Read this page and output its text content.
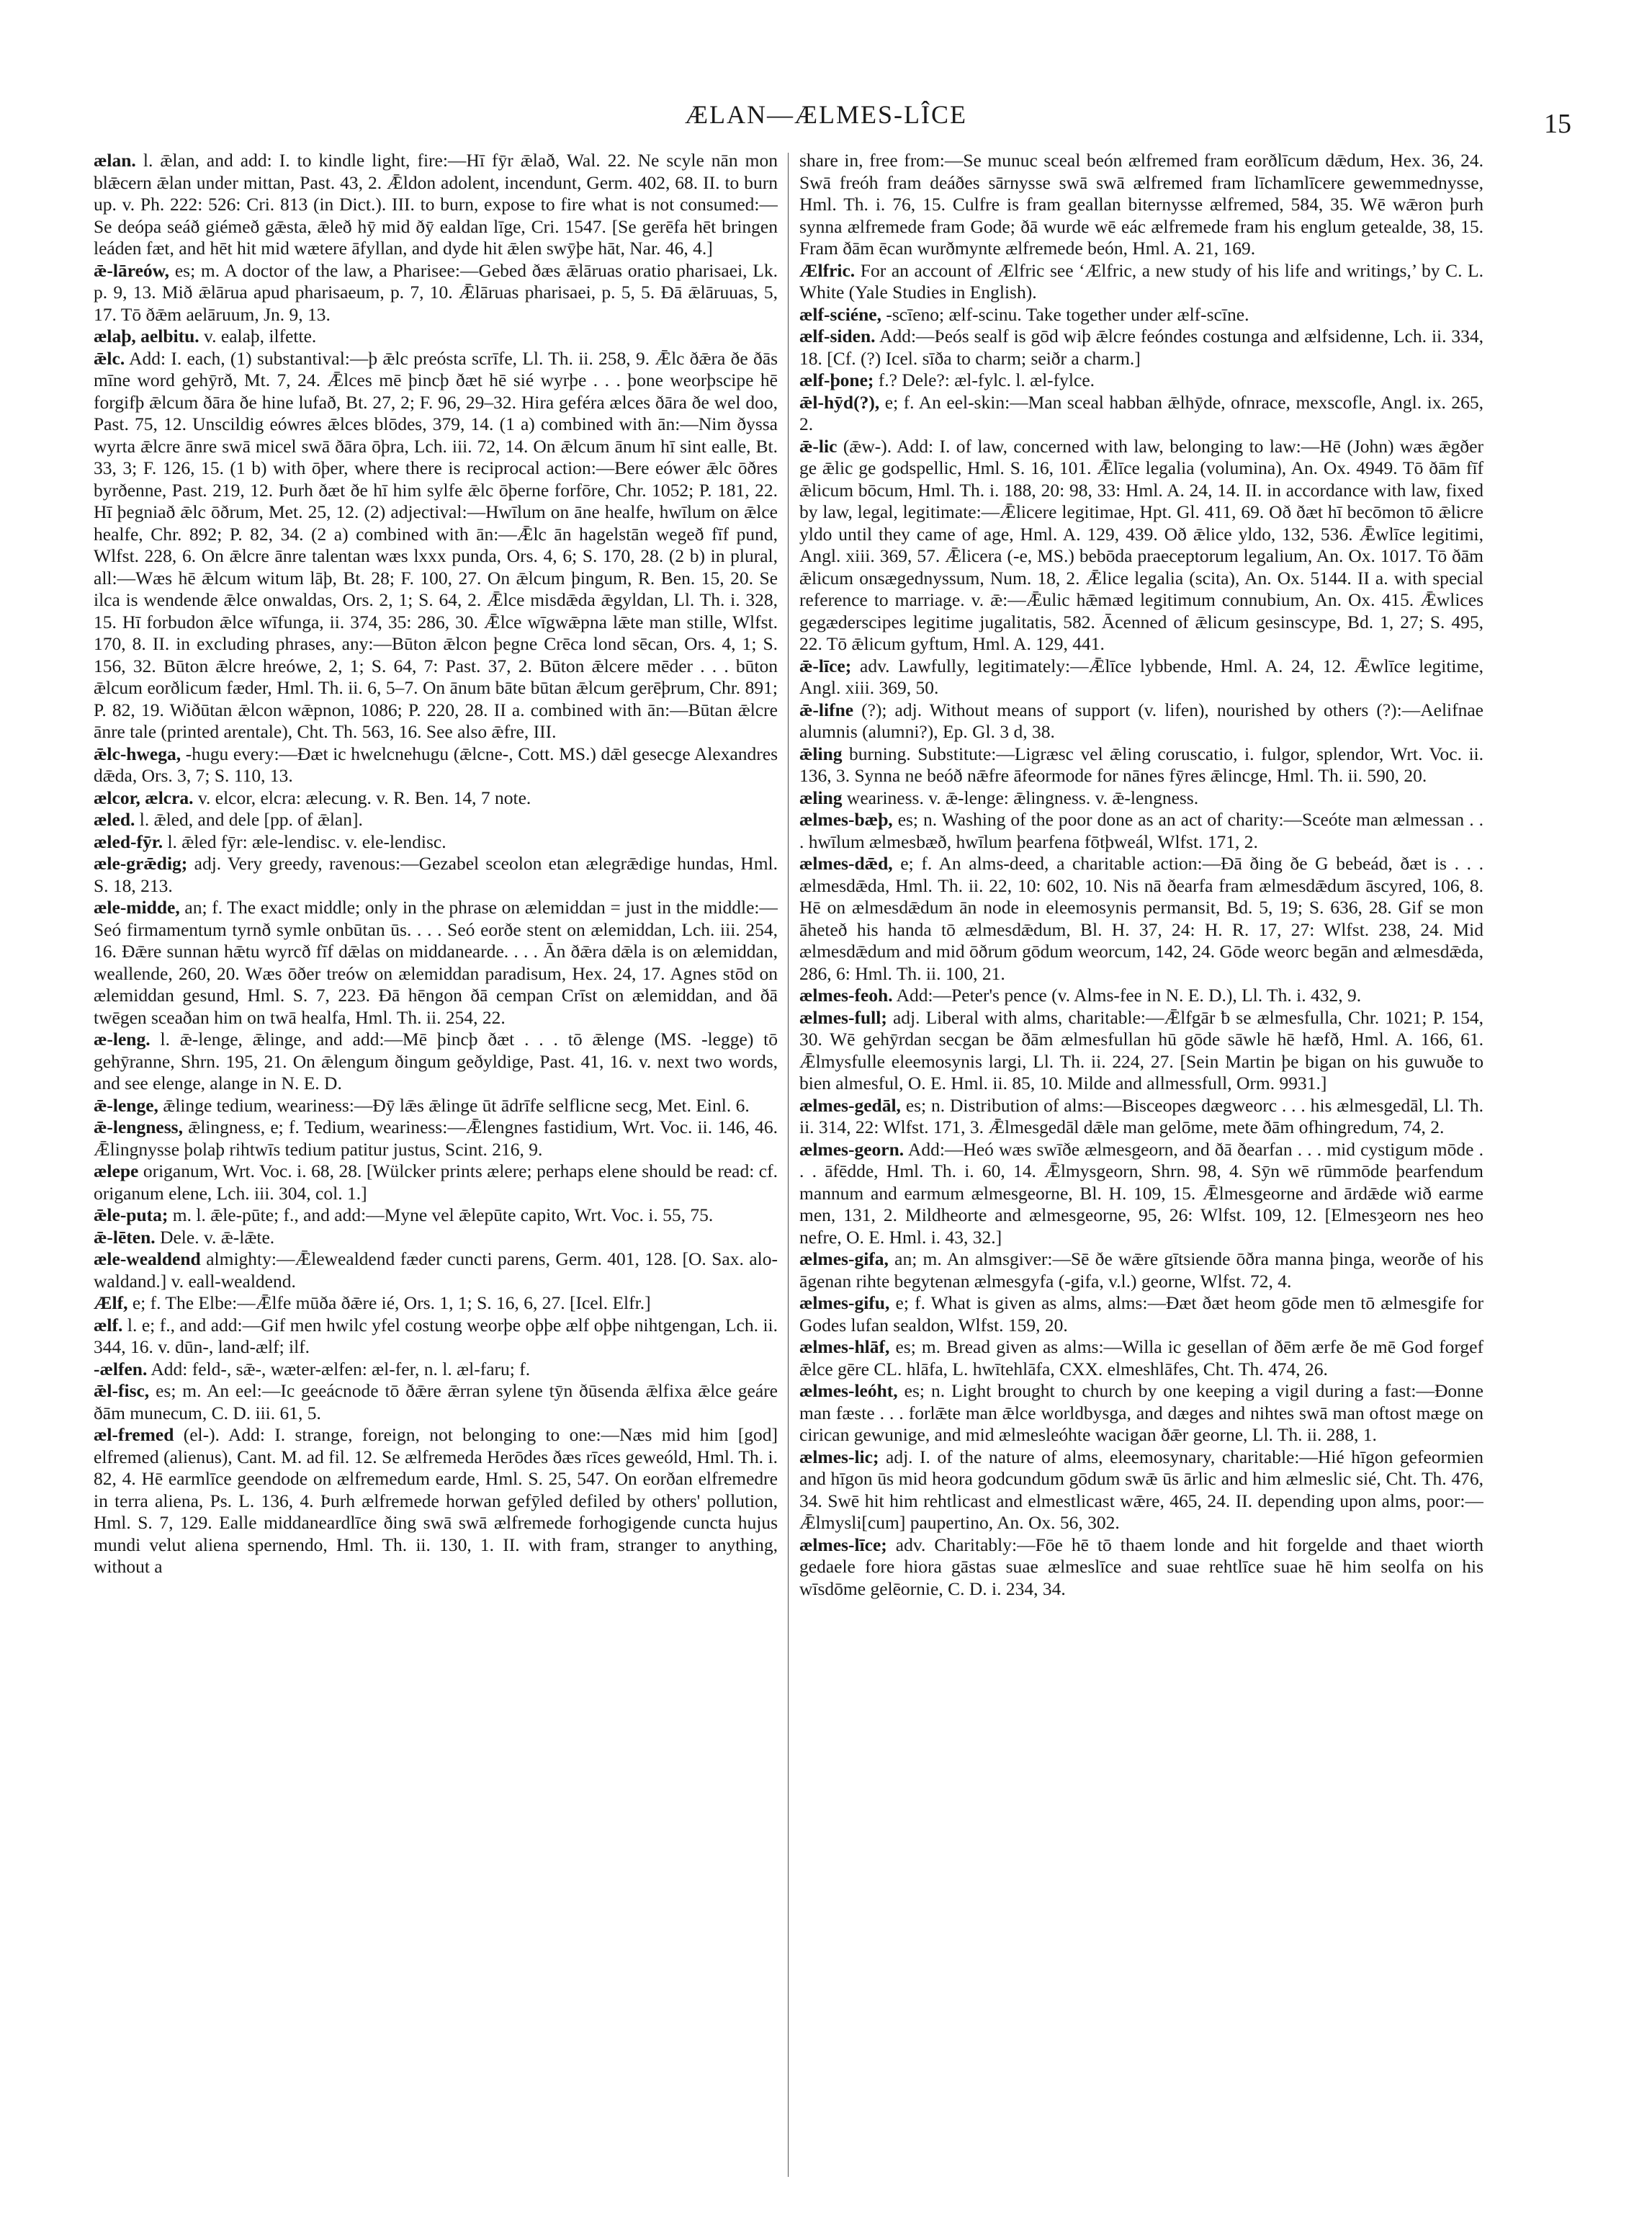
ÆLAN—ÆLMES-LÎCE	15

ælan. l. ǣlan, and add: I. to kindle light, fire:—Hī fȳr ǣlað, Wal. 22. Ne scyle nān mon blǣcern ǣlan under mittan, Past. 43, 2. Ǣldon adolent, incendunt, Germ. 402, 68. II. to burn up. v. Ph. 222: 526: Cri. 813 (in Dict.). III. to burn, expose to fire what is not consumed:—Se deópa seáð giémeð gǣsta, ǣleð hȳ mid ðȳ ealdan līge, Cri. 1547. [Se gerēfa hēt bringen leáden fæt, and hēt hit mid wætere āfyllan, and dyde hit ǣlen swȳþe hāt, Nar. 46, 4.]

ǣ-lāreów, es; m. A doctor of the law, a Pharisee:—Gebed ðæs ǣlāruas oratio pharisaei, Lk. p. 9, 13. Mið ǣlārua apud pharisaeum, p. 7, 10. Ǣlāruas pharisaei, p. 5, 5. Ðā ǣlāruuas, 5, 17. Tō ðǣm aelāruum, Jn. 9, 13.

ælaþ, aelbitu. v. ealaþ, ilfette.

ǣlc. Add: I. each, (1) substantival:—þ ǣlc preósta scrīfe, Ll. Th. ii. 258, 9. Ǣlc ðǣra ðe ðās mīne word gehȳrð, Mt. 7, 24. Ǣlces mē þincþ ðæt hē sié wyrþe . . . þone weorþscipe hē forgifþ ǣlcum ðāra ðe hine lufað, Bt. 27, 2; F. 96, 29–32. Hira geféra ælces ðāra ðe wel doo, Past. 75, 12. Unscildig eówres ǣlces blōdes, 379, 14. (1 a) combined with ān:—Nim ðyssa wyrta ǣlcre ānre swā micel swā ðāra ōþra, Lch. iii. 72, 14. On ǣlcum ānum hī sint ealle, Bt. 33, 3; F. 126, 15. (1 b) with ōþer, where there is reciprocal action:—Bere eówer ǣlc ōðres byrðenne, Past. 219, 12. Þurh ðæt ðe hī him sylfe ǣlc ōþerne forfōre, Chr. 1052; P. 181, 22. Hī þegniað ǣlc ōðrum, Met. 25, 12. (2) adjectival:—Hwīlum on āne healfe, hwīlum on ǣlce healfe, Chr. 892; P. 82, 34. (2 a) combined with ān:—Ǣlc ān hagelstān wegeð fīf pund, Wlfst. 228, 6. On ǣlcre ānre talentan wæs lxxx punda, Ors. 4, 6; S. 170, 28. (2 b) in plural, all:—Wæs hē ǣlcum witum lāþ, Bt. 28; F. 100, 27. On ǣlcum þingum, R. Ben. 15, 20. Se ilca is wendende ǣlce onwaldas, Ors. 2, 1; S. 64, 2. Ǣlce misdǣda ǣgyldan, Ll. Th. i. 328, 15. Hī forbudon ǣlce wīfunga, ii. 374, 35: 286, 30. Ǣlce wīgwǣpna lǣte man stille, Wlfst. 170, 8. II. in excluding phrases, any:—Būton ǣlcon þegne Crēca lond sēcan, Ors. 4, 1; S. 156, 32. Būton ǣlcre hreówe, 2, 1; S. 64, 7: Past. 37, 2. Būton ǣlcere mēder . . . būton ǣlcum eorðlicum fæder, Hml. Th. ii. 6, 5–7. On ānum bāte būtan ǣlcum gerēþrum, Chr. 891; P. 82, 19. Wiðūtan ǣlcon wǣpnon, 1086; P. 220, 28. II a. combined with ān:—Būtan ǣlcre ānre tale (printed arentale), Cht. Th. 563, 16. See also ǣfre, III.

ǣlc-hwega, -hugu every:—Ðæt ic hwelcnehugu (ǣlcne-, Cott. MS.) dǣl gesecge Alexandres dǣda, Ors. 3, 7; S. 110, 13.

ælcor, ælcra. v. elcor, elcra: ælecung. v. R. Ben. 14, 7 note.

æled. l. ǣled, and dele [pp. of ǣlan].

æled-fȳr. l. ǣled fȳr: æle-lendisc. v. ele-lendisc.

æle-grǣdig; adj. Very greedy, ravenous:—Gezabel sceolon etan ælegrǣdige hundas, Hml. S. 18, 213.

æle-midde, an; f. The exact middle; only in the phrase on ælemiddan = just in the middle:—Seó firmamentum tyrnð symle onbūtan ūs. . . . Seó eorðe stent on ælemiddan, Lch. iii. 254, 16. Ðǣre sunnan hǣtu wyrcð fīf dǣlas on middanearde. . . . Ān ðǣra dǣla is on ælemiddan, weallende, 260, 20. Wæs ōðer treów on ælemiddan paradisum, Hex. 24, 17. Agnes stōd on ælemiddan gesund, Hml. S. 7, 223. Ðā hēngon ðā cempan Crīst on ælemiddan, and ðā twēgen sceaðan him on twā healfa, Hml. Th. ii. 254, 22.

æ-leng. l. ǣ-lenge, ǣlinge, and add:—Mē þincþ ðæt . . . tō ǣlenge (MS. -legge) tō gehȳranne, Shrn. 195, 21. On ǣlengum ðingum geðyldige, Past. 41, 16. v. next two words, and see elenge, alange in N. E. D.

ǣ-lenge, ǣlinge tedium, weariness:—Ðȳ lǣs ǣlinge ūt ādrīfe selflicne secg, Met. Einl. 6.

ǣ-lengness, ǣlingness, e; f. Tedium, weariness:—Ǣlengnes fastidium, Wrt. Voc. ii. 146, 46. Ǣlingnysse þolaþ rihtwīs tedium patitur justus, Scint. 216, 9.

ælepe origanum, Wrt. Voc. i. 68, 28. [Wülcker prints ælere; perhaps elene should be read: cf. origanum elene, Lch. iii. 304, col. 1.]

ǣle-puta; m. l. ǣle-pūte; f., and add:—Myne vel ǣlepūte capito, Wrt. Voc. i. 55, 75.

ǣ-lēten. Dele. v. ǣ-lǣte.

æle-wealdend almighty:—Ǣlewealdend fæder cuncti parens, Germ. 401, 128. [O. Sax. alo-waldand.] v. eall-wealdend.

Ælf, e; f. The Elbe:—Ǣlfe mūða ðǣre ié, Ors. 1, 1; S. 16, 6, 27. [Icel. Elfr.]

ælf. l. e; f., and add:—Gif men hwilc yfel costung weorþe oþþe ælf oþþe nihtgengan, Lch. ii. 344, 16. v. dūn-, land-ælf; ilf.

-ælfen. Add: feld-, sǣ-, wæter-ælfen: æl-fer, n. l. æl-faru; f.

ǣl-fisc, es; m. An eel:—Ic geeácnode tō ðǣre ǣrran sylene tȳn ðūsenda ǣlfixa ǣlce geáre ðām munecum, C. D. iii. 61, 5.

æl-fremed (el-). Add: I. strange, foreign, not belonging to one:—Næs mid him [god] elfremed (alienus), Cant. M. ad fil. 12. Se ælfremeda Herōdes ðæs rīces geweóld, Hml. Th. i. 82, 4. Hē earmlīce geendode on ælfremedum earde, Hml. S. 25, 547. On eorðan elfremedre in terra aliena, Ps. L. 136, 4. Þurh ælfremede horwan gefȳled defiled by others' pollution, Hml. S. 7, 129. Ealle middaneardlīce ðing swā swā ælfremede forhogigende cuncta hujus mundi velut aliena spernendo, Hml. Th. ii. 130, 1. II. with fram, stranger to anything, without a

share in, free from:—Se munuc sceal beón ælfremed fram eorðlīcum dǣdum, Hex. 36, 24. Swā freóh fram deáðes sārnysse swā swā ælfremed fram līchamlīcere gewemmednysse, Hml. Th. i. 76, 15. Culfre is fram geallan biternysse ælfremed, 584, 35. Wē wǣron þurh synna ælfremede fram Gode; ðā wurde wē eác ælfremede fram his englum getealde, 38, 15. Fram ðām ēcan wurðmynte ælfremede beón, Hml. A. 21, 169.

Ælfric. For an account of Ælfric see ‘Ælfric, a new study of his life and writings,’ by C. L. White (Yale Studies in English).

ælf-sciéne, -scīeno; ælf-scinu. Take together under ælf-scīne.

ælf-siden. Add:—Þeós sealf is gōd wiþ ǣlcre feóndes costunga and ælfsidenne, Lch. ii. 334, 18. [Cf. (?) Icel. sīða to charm; seiðr a charm.]

ælf-þone; f.? Dele?: æl-fylc. l. æl-fylce.

ǣl-hȳd(?), e; f. An eel-skin:—Man sceal habban ǣlhȳde, ofnrace, mexscofle, Angl. ix. 265, 2.

ǣ-lic (ǣw-). Add: I. of law, concerned with law, belonging to law:—Hē (John) wæs ǣgðer ge ǣlic ge godspellic, Hml. S. 16, 101. Ǣlīce legalia (volumina), An. Ox. 4949. Tō ðām fīf ǣlicum bōcum, Hml. Th. i. 188, 20: 98, 33: Hml. A. 24, 14. II. in accordance with law, fixed by law, legal, legitimate:—Ǣlicere legitimae, Hpt. Gl. 411, 69. Oð ðæt hī becōmon tō ǣlicre yldo until they came of age, Hml. A. 129, 439. Oð ǣlice yldo, 132, 536. Ǣwlīce legitimi, Angl. xiii. 369, 57. Ǣlicera (-e, MS.) bebōda praeceptorum legalium, An. Ox. 1017. Tō ðām ǣlicum onsægednyssum, Num. 18, 2. Ǣlice legalia (scita), An. Ox. 5144. II a. with special reference to marriage. v. ǣ:—Ǣulic hǣmæd legitimum connubium, An. Ox. 415. Ǣwlices gegæderscipes legitime jugalitatis, 582. Ācenned of ǣlicum gesinscype, Bd. 1, 27; S. 495, 22. Tō ǣlicum gyftum, Hml. A. 129, 441.

ǣ-līce; adv. Lawfully, legitimately:—Ǣlīce lybbende, Hml. A. 24, 12. Ǣwlīce legitime, Angl. xiii. 369, 50.

ǣ-lifne (?); adj. Without means of support (v. lifen), nourished by others (?):—Aelifnae alumnis (alumni?), Ep. Gl. 3 d, 38.

ǣling burning. Substitute:—Ligræsc vel ǣling coruscatio, i. fulgor, splendor, Wrt. Voc. ii. 136, 3. Synna ne beóð nǣfre āfeormode for nānes fȳres ǣlincge, Hml. Th. ii. 590, 20.

æling weariness. v. ǣ-lenge: ǣlingness. v. ǣ-lengness.

ælmes-bæþ, es; n. Washing of the poor done as an act of charity:—Sceóte man ælmessan . . . hwīlum ælmesbæð, hwīlum þearfena fōtþweál, Wlfst. 171, 2.

ælmes-dǣd, e; f. An alms-deed, a charitable action:—Ðā ðing ðe G bebeád, ðæt is . . . ælmesdǣda, Hml. Th. ii. 22, 10: 602, 10. Nis nā ðearfa fram ælmesdǣdum āscyred, 106, 8. Hē on ælmesdǣdum ān node in eleemosynis permansit, Bd. 5, 19; S. 636, 28. Gif se mon āheteð his handa tō ælmesdǣdum, Bl. H. 37, 24: H. R. 17, 27: Wlfst. 238, 24. Mid ælmesdǣdum and mid ōðrum gōdum weorcum, 142, 24. Gōde weorc begān and ælmesdǣda, 286, 6: Hml. Th. ii. 100, 21.

ælmes-feoh. Add:—Peter's pence (v. Alms-fee in N. E. D.), Ll. Th. i. 432, 9.

ælmes-full; adj. Liberal with alms, charitable:—Ǣlfgār ƀ se ælmesfulla, Chr. 1021; P. 154, 30. Wē gehȳrdan secgan be ðām ælmesfullan hū gōde sāwle hē hæfð, Hml. A. 166, 61. Ǣlmysfulle eleemosynis largi, Ll. Th. ii. 224, 27. [Sein Martin þe bigan on his guwuðe to bien almesful, O. E. Hml. ii. 85, 10. Milde and allmessfull, Orm. 9931.]

ælmes-gedāl, es; n. Distribution of alms:—Bisceopes dægweorc . . . his ælmesgedāl, Ll. Th. ii. 314, 22: Wlfst. 171, 3. Ǣlmesgedāl dǣle man gelōme, mete ðām ofhingredum, 74, 2.

ælmes-georn. Add:—Heó wæs swīðe ælmesgeorn, and ðā ðearfan . . . mid cystigum mōde . . . āfēdde, Hml. Th. i. 60, 14. Ǣlmysgeorn, Shrn. 98, 4. Sȳn wē rūmmōde þearfendum mannum and earmum ælmesgeorne, Bl. H. 109, 15. Ǣlmesgeorne and ārdǣde wið earme men, 131, 2. Mildheorte and ælmesgeorne, 95, 26: Wlfst. 109, 12. [Elmesȝeorn nes heo nefre, O. E. Hml. i. 43, 32.]

ælmes-gifa, an; m. An almsgiver:—Sē ðe wǣre gītsiende ōðra manna þinga, weorðe of his āgenan rihte begytenan ælmesgyfa (-gifa, v.l.) georne, Wlfst. 72, 4.

ælmes-gifu, e; f. What is given as alms, alms:—Ðæt ðæt heom gōde men tō ælmesgife for Godes lufan sealdon, Wlfst. 159, 20.

ælmes-hlāf, es; m. Bread given as alms:—Willa ic gesellan of ðēm ærfe ðe mē God forgef ǣlce gēre CL. hlāfa, L. hwītehlāfa, CXX. elmeshlāfes, Cht. Th. 474, 26.

ælmes-leóht, es; n. Light brought to church by one keeping a vigil during a fast:—Ðonne man fæste . . . forlǣte man ǣlce worldbysga, and dæges and nihtes swā man oftost mæge on cirican gewunige, and mid ælmesleóhte wacigan ðǣr georne, Ll. Th. ii. 288, 1.

ælmes-lic; adj. I. of the nature of alms, eleemosynary, charitable:—Hié hīgon gefeormien and hīgon ūs mid heora godcundum gōdum swǣ ūs ārlic and him ælmeslic sié, Cht. Th. 476, 34. Swē hit him rehtlicast and elmestlicast wǣre, 465, 24. II. depending upon alms, poor:—Ǣlmysli[cum] paupertino, An. Ox. 56, 302.

ælmes-līce; adv. Charitably:—Fōe hē tō thaem londe and hit forgelde and thaet wiorth gedaele fore hiora gāstas suae ælmeslīce and suae rehtlīce suae hē him seolfa on his wīsdōme gelēornie, C. D. i. 234, 34.
